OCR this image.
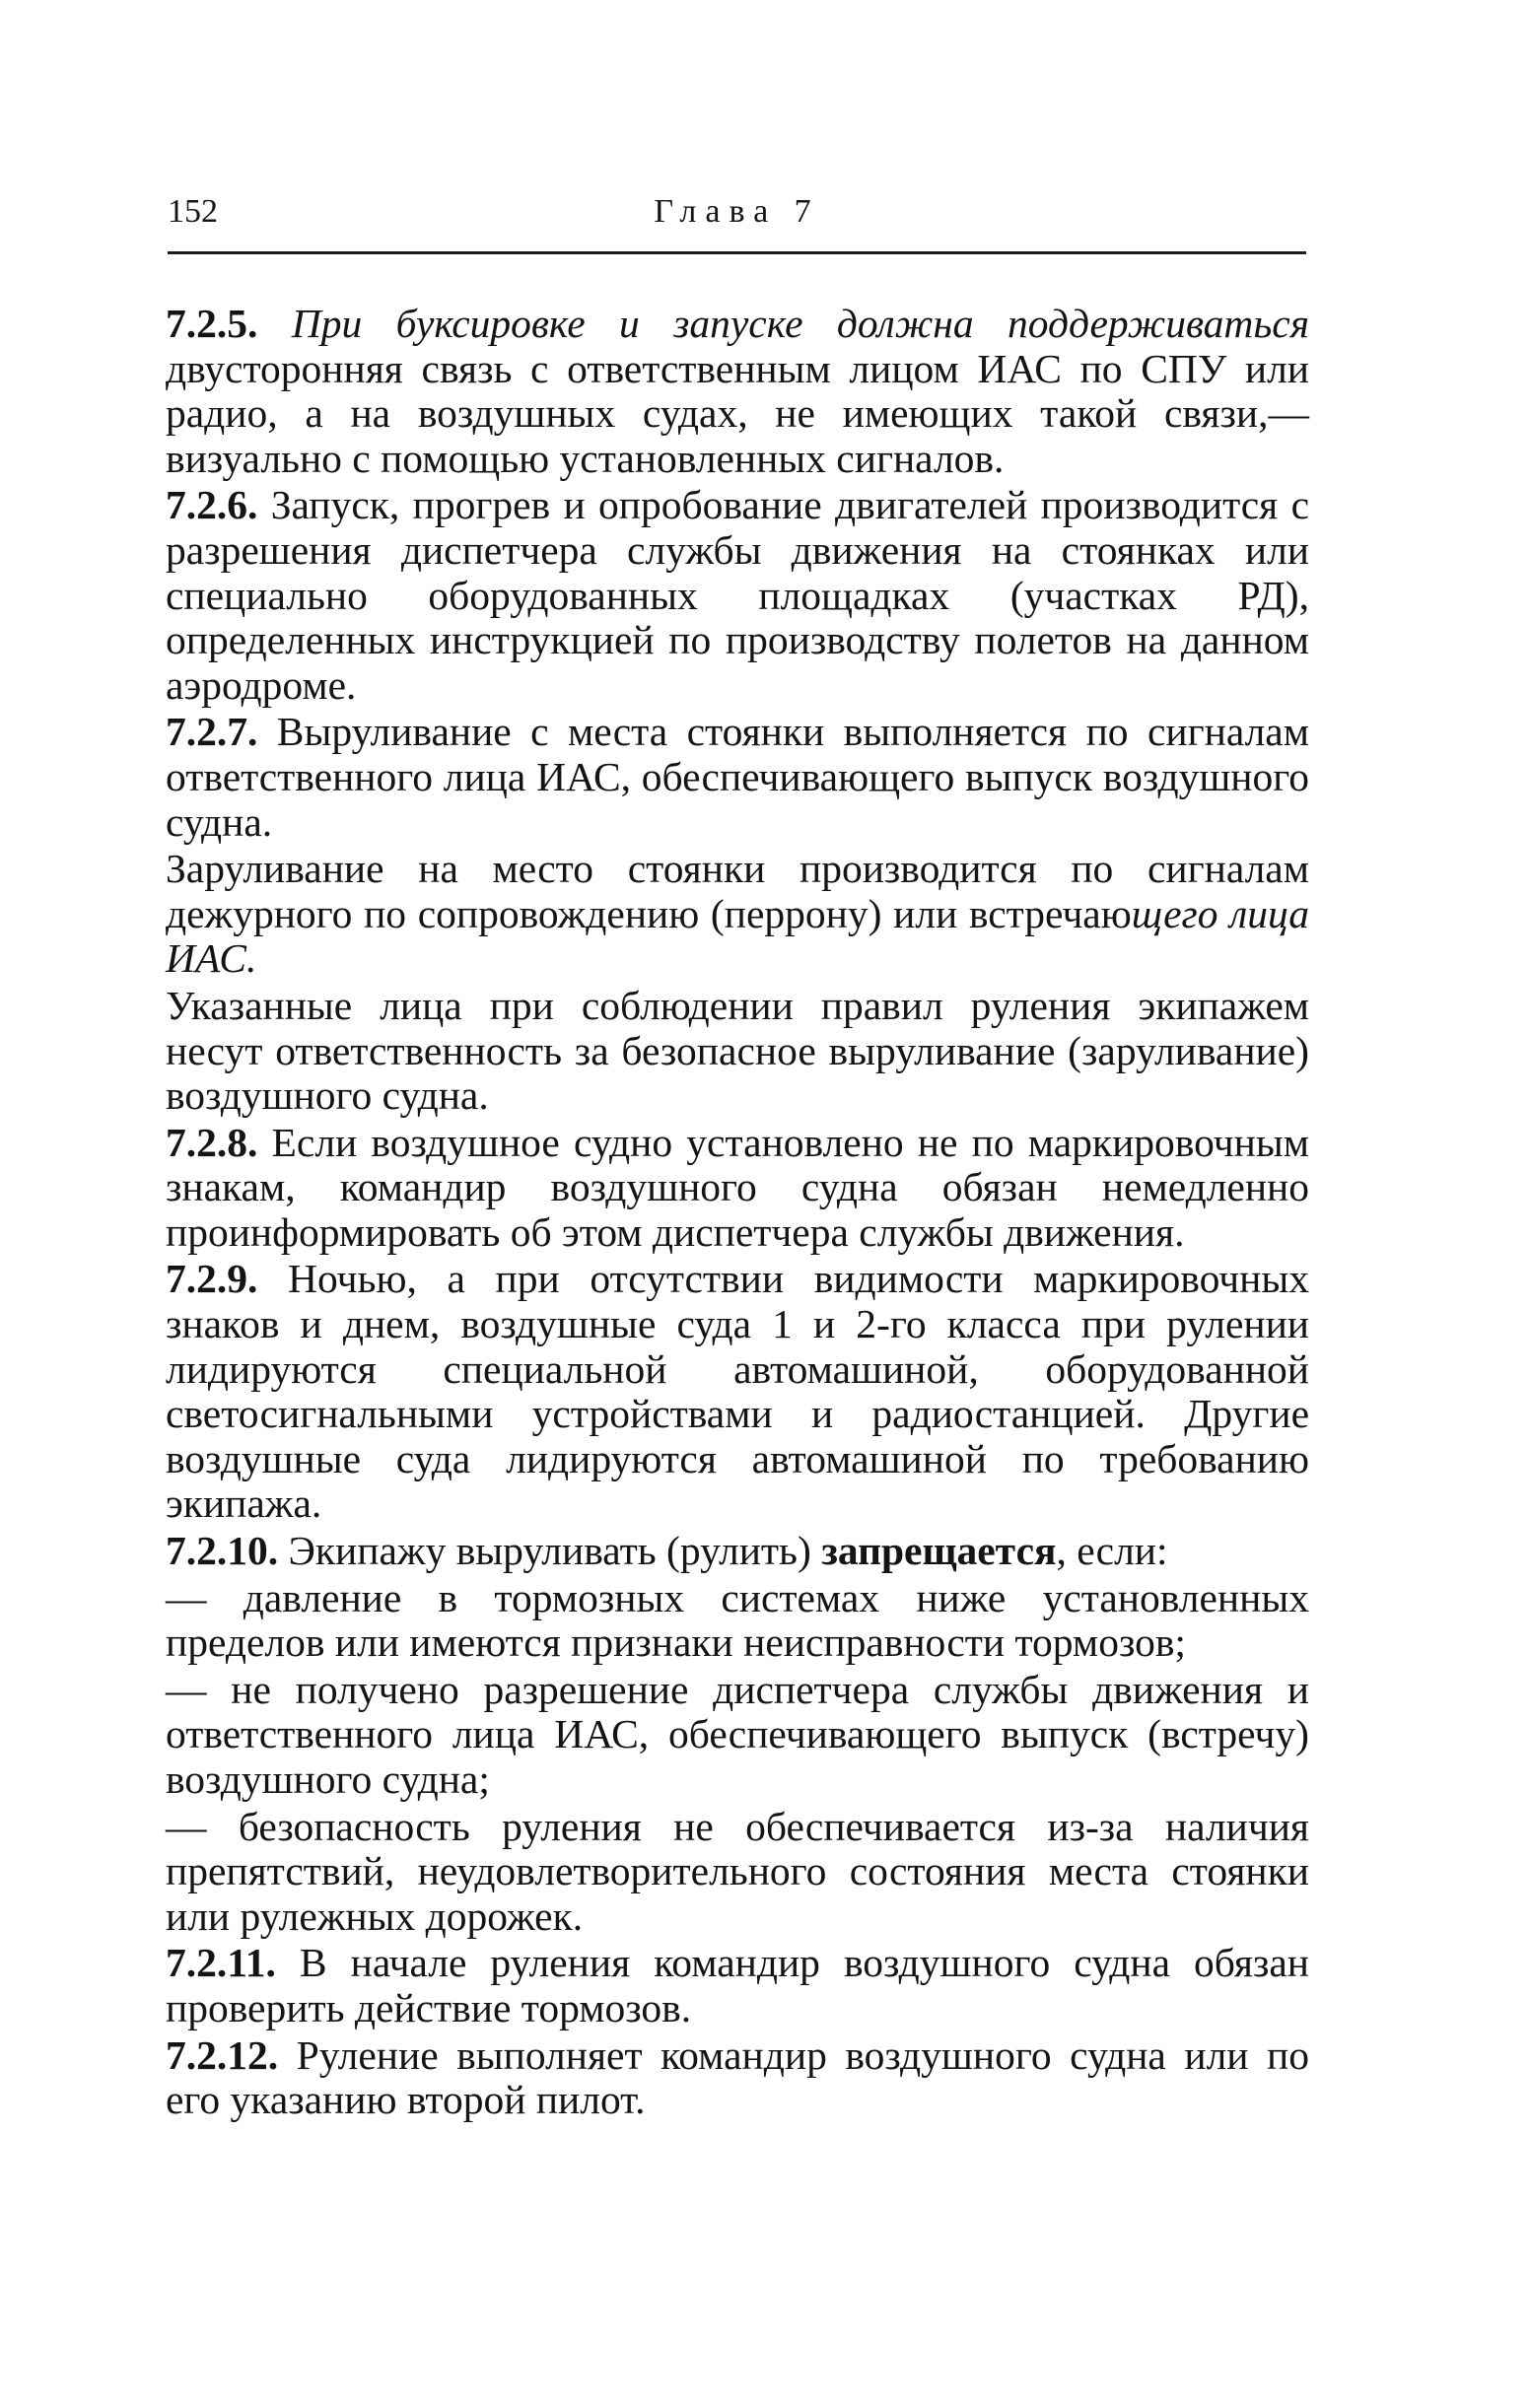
152	Глава 7

7.2.5. При буксировке и запуске должна поддерживаться двусторонняя связь с ответственным лицом ИАС по СПУ или радио, а на воздушных судах, не имеющих такой связи,— визуально с помощью установленных сигналов.

7.2.6. Запуск, прогрев и опробование двигателей производится с разрешения диспетчера службы движения на стоянках или специально оборудованных площадках (участках РД), определенных инструкцией по производству полетов на данном аэродроме.

7.2.7. Выруливание с места стоянки выполняется по сигналам ответственного лица ИАС, обеспечивающего выпуск воздушного судна.

Заруливание на место стоянки производится по сигналам дежурного по сопровождению (перрону) или встречающего лица ИАС.

Указанные лица при соблюдении правил руления экипажем несут ответственность за безопасное выруливание (заруливание) воздушного судна.

7.2.8. Если воздушное судно установлено не по маркировочным знакам, командир воздушного судна обязан немедленно проинформировать об этом диспетчера службы движения.

7.2.9. Ночью, а при отсутствии видимости маркировочных знаков и днем, воздушные суда 1 и 2-го класса при рулении лидируются специальной автомашиной, оборудованной светосигнальными устройствами и радиостанцией. Другие воздушные суда лидируются автомашиной по требованию экипажа.

7.2.10. Экипажу выруливать (рулить) запрещается, если:

— давление в тормозных системах ниже установленных пределов или имеются признаки неисправности тормозов;

— не получено разрешение диспетчера службы движения и ответственного лица ИАС, обеспечивающего выпуск (встречу) воздушного судна;

— безопасность руления не обеспечивается из-за наличия препятствий, неудовлетворительного состояния места стоянки или рулежных дорожек.

7.2.11. В начале руления командир воздушного судна обязан проверить действие тормозов.

7.2.12. Руление выполняет командир воздушного судна или по его указанию второй пилот.
